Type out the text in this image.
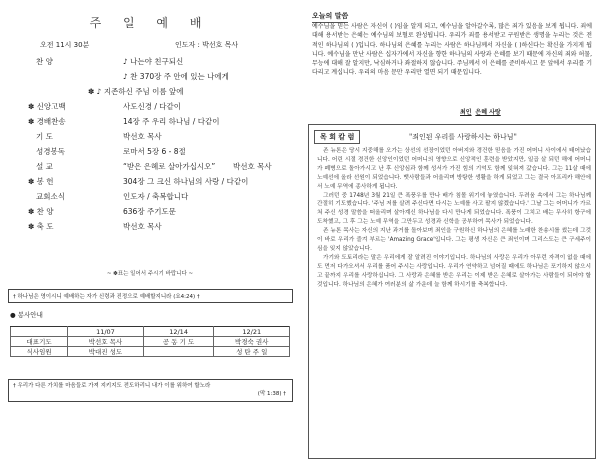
주 일 예 배
오전 11시 30분	인도자 : 박선호 목사
찬 양	♪ 나는야 친구되신
♪ 찬 370장 주 안에 있는 나에게
✽ ♪ 지존하신 주님 이름 앞에
✽ 신앙고백	사도신경 / 다같이
✽ 경배찬송	14장 주 우리 하나님 / 다같이
기 도	박선호 목사
성경봉독	로마서 5장 6 - 8절
설 교	“받은 은혜로 살아가십시오” 박선호 목사
✽ 봉 헌	304장 그 크신 하나님의 사랑 / 다같이
교회소식	인도자 / 축복합니다
✽ 찬 양	636장 주기도문
✽ 축 도	박선호 목사
~ ✽표는 일어서 주시기 바랍니다 ~
† 하나님은 영이시니 예배하는 자가 신령과 진정으로 예배할지니라 (요4:24) †
● 봉사안내
	11/07	12/14	12/21
대표기도	박선호 목사	공 동 기 도	박경숙 권사
식사임원	박대진 성도		성 탄 주 일
† 우리가 다른 가치를 마음들로 가져 지키지도 전도하리니 내가 이를 위하여 할노라
(막 1:38) †
오늘의 말씀
예수님을 믿는 사람은 자신이 ( )임을 알게 되고, 예수님을 알아갈수록, 많은 죄가 있음을 보게 됩니다. 죄에 대해 용서받는 은혜는 예수님의 보혈로 완성됩니다. 우리가 죄를 용서받고 구원받은 생명을 누리는 것은 전적인 하나님의 ( )입니다. 하나님의 은혜를 누리는 사람은 하나님께서 자신을 ( )하신다는 확신을 가지게 됩니다. 예수님을 만난 사람은 십자가에서 자신을 향한 하나님의 사랑과 은혜를 보기 때문에 자신의 죄와 허물, 무능에 대해 잘 알지만, 낙심하거나 좌절하지 않습니다. 주님께서 이 은혜를 준비하시고 문 앞에서 우리를 기다리고 계십니다. 우리의 마음 문만 우리만 열면 되기 때문입니다.
최인 은혜 사랑
목 회 칼 럼	"죄인된 우리를 사랑하시는 하나님"

존 뉴톤은 당시 지중해를 오가는 상선의 선장이었던 아버지와 경건한 믿음을 가진 어머니 사이에서 태어났습니다. 어린 시절 경건한 신앙인이었던 어머니의 영향으로 신앙적인 훈련을 받았지만, 일곱 살 되던 해에 어머니가 폐병으로 돌아가시고 난 후 신앙심과 함께 성서가 가진 힘의 기억도 함께 잊혀져 갔습니다. 그는 11살 때에 노예선에 올라 선원이 되었습니다. 뱃사람들과 어울리며 방탕한 생활을 하게 되었고 그는 결국 아프리카 해안에서 노예 무역에 종사하게 됩니다.

그러던 중 1748년 3월 21일 큰 폭풍우를 만나 배가 침몰 위기에 놓였습니다. 두려움 속에서 그는 하나님께 간절히 기도했습니다. '주님 저를 살려 주신다면 다시는 노예를 사고 팔지 않겠습니다.' 그날 그는 어머니가 가르쳐 주신 성경 말씀을 떠올리며 살아계신 하나님을 다시 만나게 되었습니다. 폭풍이 그치고 배는 무사히 항구에 도착했고, 그 후 그는 노예 무역을 그만두고 성경과 신학을 공부하여 목사가 되었습니다.

존 뉴톤 목사는 자신의 지난 과거를 돌아보며 죄인을 구원하신 하나님의 은혜를 노래한 찬송시를 썼는데 그것이 바로 우리가 즐겨 부르는 'Amazing Grace'입니다. 그는 평생 자신은 큰 죄인이며 그리스도는 큰 구세주이심을 잊지 않았습니다.

가기와 도토리라는 말은 우리에게 잘 알려진 이야기입니다. 하나님의 사랑은 우리가 아무런 자격이 없을 때에도 먼저 다가오셔서 우리를 품어 주시는 사랑입니다. 우리가 연약하고 넘어질 때에도 하나님은 포기하지 않으시고 끝까지 우리를 사랑하십니다. 그 사랑과 은혜를 받은 우리는 이제 받은 은혜로 살아가는 사람들이 되어야 할 것입니다. 하나님의 은혜가 여러분의 삶 가운데 늘 함께 하시기를 축복합니다.
